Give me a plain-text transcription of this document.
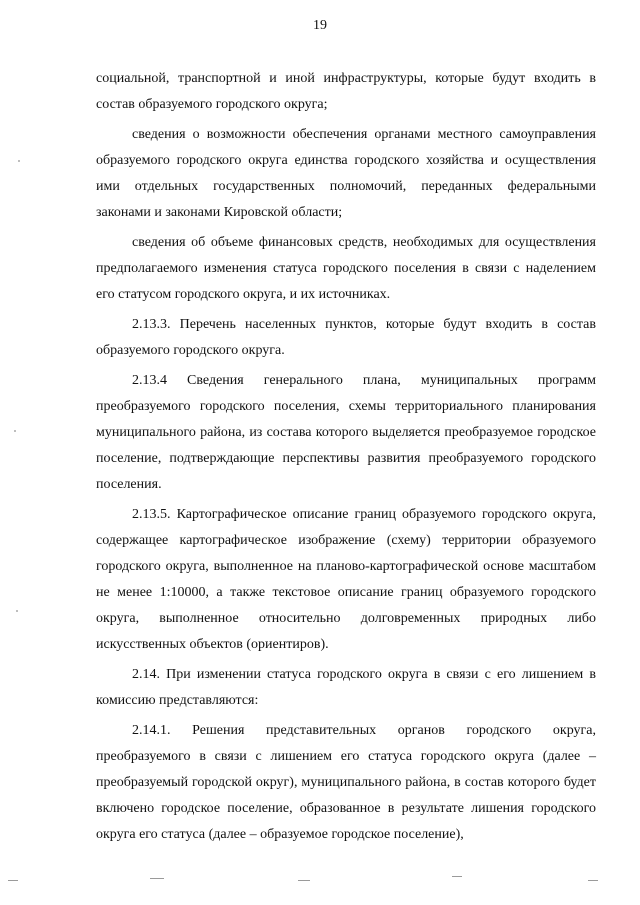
19

социальной, транспортной и иной инфраструктуры, которые будут входить в состав образуемого городского округа;

сведения о возможности обеспечения органами местного самоуправления образуемого городского округа единства городского хозяйства и осуществления ими отдельных государственных полномочий, переданных федеральными законами и законами Кировской области;

сведения об объеме финансовых средств, необходимых для осуществления предполагаемого изменения статуса городского поселения в связи с наделением его статусом городского округа, и их источниках.

2.13.3. Перечень населенных пунктов, которые будут входить в состав образуемого городского округа.

2.13.4 Сведения генерального плана, муниципальных программ преобразуемого городского поселения, схемы территориального планирования муниципального района, из состава которого выделяется преобразуемое городское поселение, подтверждающие перспективы развития преобразуемого городского поселения.

2.13.5. Картографическое описание границ образуемого городского округа, содержащее картографическое изображение (схему) территории образуемого городского округа, выполненное на планово-картографической основе масштабом не менее 1:10000, а также текстовое описание границ образуемого городского округа, выполненное относительно долговременных природных либо искусственных объектов (ориентиров).

2.14. При изменении статуса городского округа в связи с его лишением в комиссию представляются:

2.14.1. Решения представительных органов городского округа, преобразуемого в связи с лишением его статуса городского округа (далее – преобразуемый городской округ), муниципального района, в состав которого будет включено городское поселение, образованное в результате лишения городского округа его статуса (далее – образуемое городское поселение),
